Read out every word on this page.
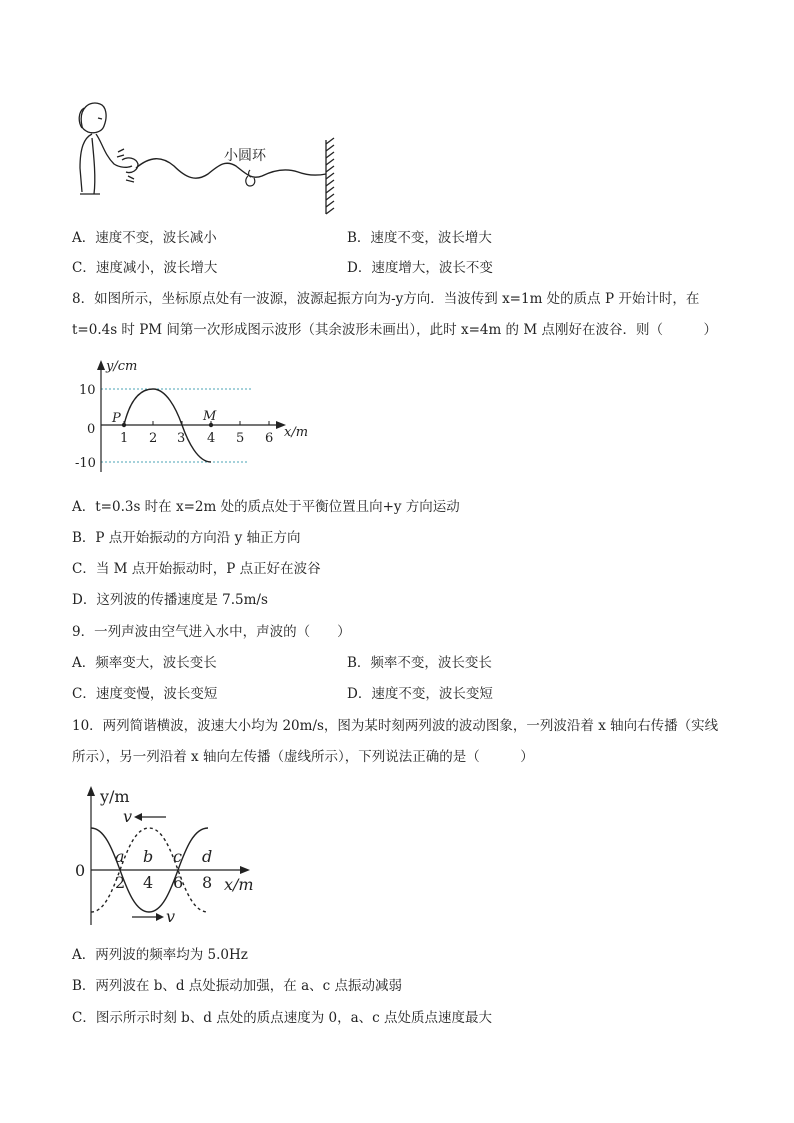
小圆环
A．速度不变，波长减小	B．速度不变，波长增大
C．速度减小，波长增大	D．速度增大，波长不变
8．如图所示，坐标原点处有一波源，波源起振方向为-y方向．当波传到 x=1m 处的质点 P 开始计时，在
t=0.4s 时 PM 间第一次形成图示波形（其余波形未画出），此时 x=4m 的 M 点刚好在波谷．则（　　　）
y/cm
x/m
10
0
-10
1 2 3 4 5 6
P	M
A．t=0.3s 时在 x=2m 处的质点处于平衡位置且向+y 方向运动
B．P 点开始振动的方向沿 y 轴正方向
C．当 M 点开始振动时，P 点正好在波谷
D．这列波的传播速度是 7.5m/s
9．一列声波由空气进入水中，声波的（　　）
A．频率变大，波长变长	B．频率不变，波长变长
C．速度变慢，波长变短	D．速度不变，波长变短
10．两列简谐横波，波速大小均为 20m/s，图为某时刻两列波的波动图象，一列波沿着 x 轴向右传播（实线
所示），另一列沿着 x 轴向左传播（虚线所示），下列说法正确的是（　　　）
y/m
0
x/m
2 4 6 8
a b c d
v
v
A．两列波的频率均为 5.0Hz
B．两列波在 b、d 点处振动加强，在 a、c 点振动减弱
C．图示所示时刻 b、d 点处的质点速度为 0，a、c 点处质点速度最大
